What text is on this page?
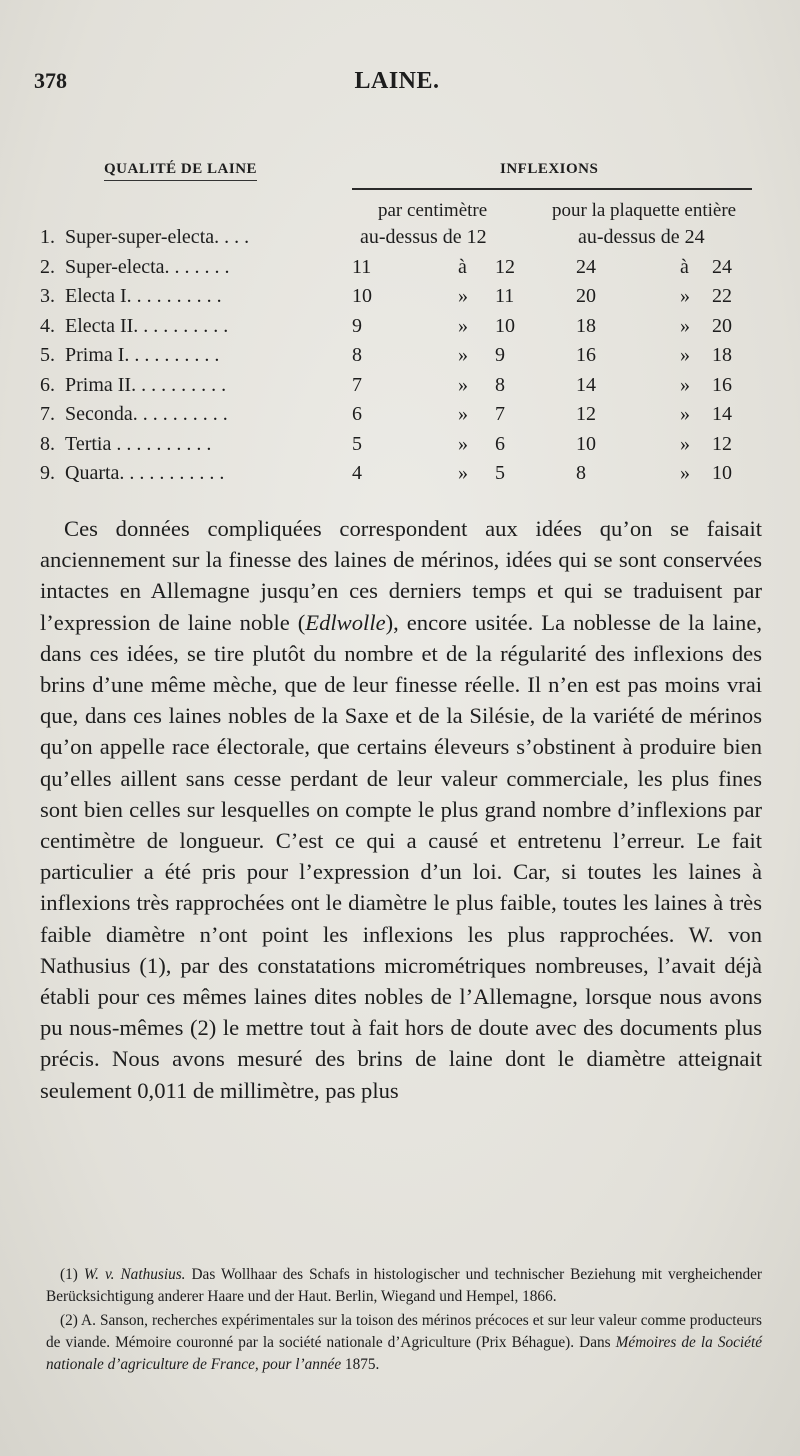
378	LAINE.
QUALITÉ DE LAINE	INFLEXIONS
par centimètre	pour la plaquette entière
1. Super-super-electa. . . .	au-dessus de 12	au-dessus de 24
2. Super-electa. . . . . . .	11	à 12	24	à 24
3. Electa I. . . . . . . . . .	10	» 11	20	» 22
4. Electa II. . . . . . . . . .	9	» 10	18	» 20
5. Prima I. . . . . . . . . .	8	» 9	16	» 18
6. Prima II. . . . . . . . . .	7	» 8	14	» 16
7. Seconda. . . . . . . . . .	6	» 7	12	» 14
8. Tertia . . . . . . . . . .	5	» 6	10	» 12
9. Quarta. . . . . . . . . . .	4	» 5	8	» 10

Ces données compliquées correspondent aux idées qu’on se faisait anciennement sur la finesse des laines de mérinos, idées qui se sont conservées intactes en Allemagne jusqu’en ces derniers temps et qui se traduisent par l’expression de laine noble (Edlwolle), encore usitée. La noblesse de la laine, dans ces idées, se tire plutôt du nombre et de la régularité des inflexions des brins d’une même mèche, que de leur finesse réelle. Il n’en est pas moins vrai que, dans ces laines nobles de la Saxe et de la Silésie, de la variété de mérinos qu’on appelle race électorale, que certains éleveurs s’obstinent à produire bien qu’elles aillent sans cesse perdant de leur valeur commerciale, les plus fines sont bien celles sur lesquelles on compte le plus grand nombre d’inflexions par centimètre de longueur. C’est ce qui a causé et entretenu l’erreur. Le fait particulier a été pris pour l’expression d’un loi. Car, si toutes les laines à inflexions très rapprochées ont le diamètre le plus faible, toutes les laines à très faible diamètre n’ont point les inflexions les plus rapprochées. W. von Nathusius (1), par des constatations micrométriques nombreuses, l’avait déjà établi pour ces mêmes laines dites nobles de l’Allemagne, lorsque nous avons pu nous-mêmes (2) le mettre tout à fait hors de doute avec des documents plus précis. Nous avons mesuré des brins de laine dont le diamètre atteignait seulement 0,011 de millimètre, pas plus

(1) W. v. Nathusius. Das Wollhaar des Schafs in histologischer und technischer Beziehung mit vergheichender Berücksichtigung anderer Haare und der Haut. Berlin, Wiegand und Hempel, 1866.

(2) A. Sanson, recherches expérimentales sur la toison des mérinos précoces et sur leur valeur comme producteurs de viande. Mémoire couronné par la société nationale d’Agriculture (Prix Béhague). Dans Mémoires de la Société nationale d’agriculture de France, pour l’année 1875.
